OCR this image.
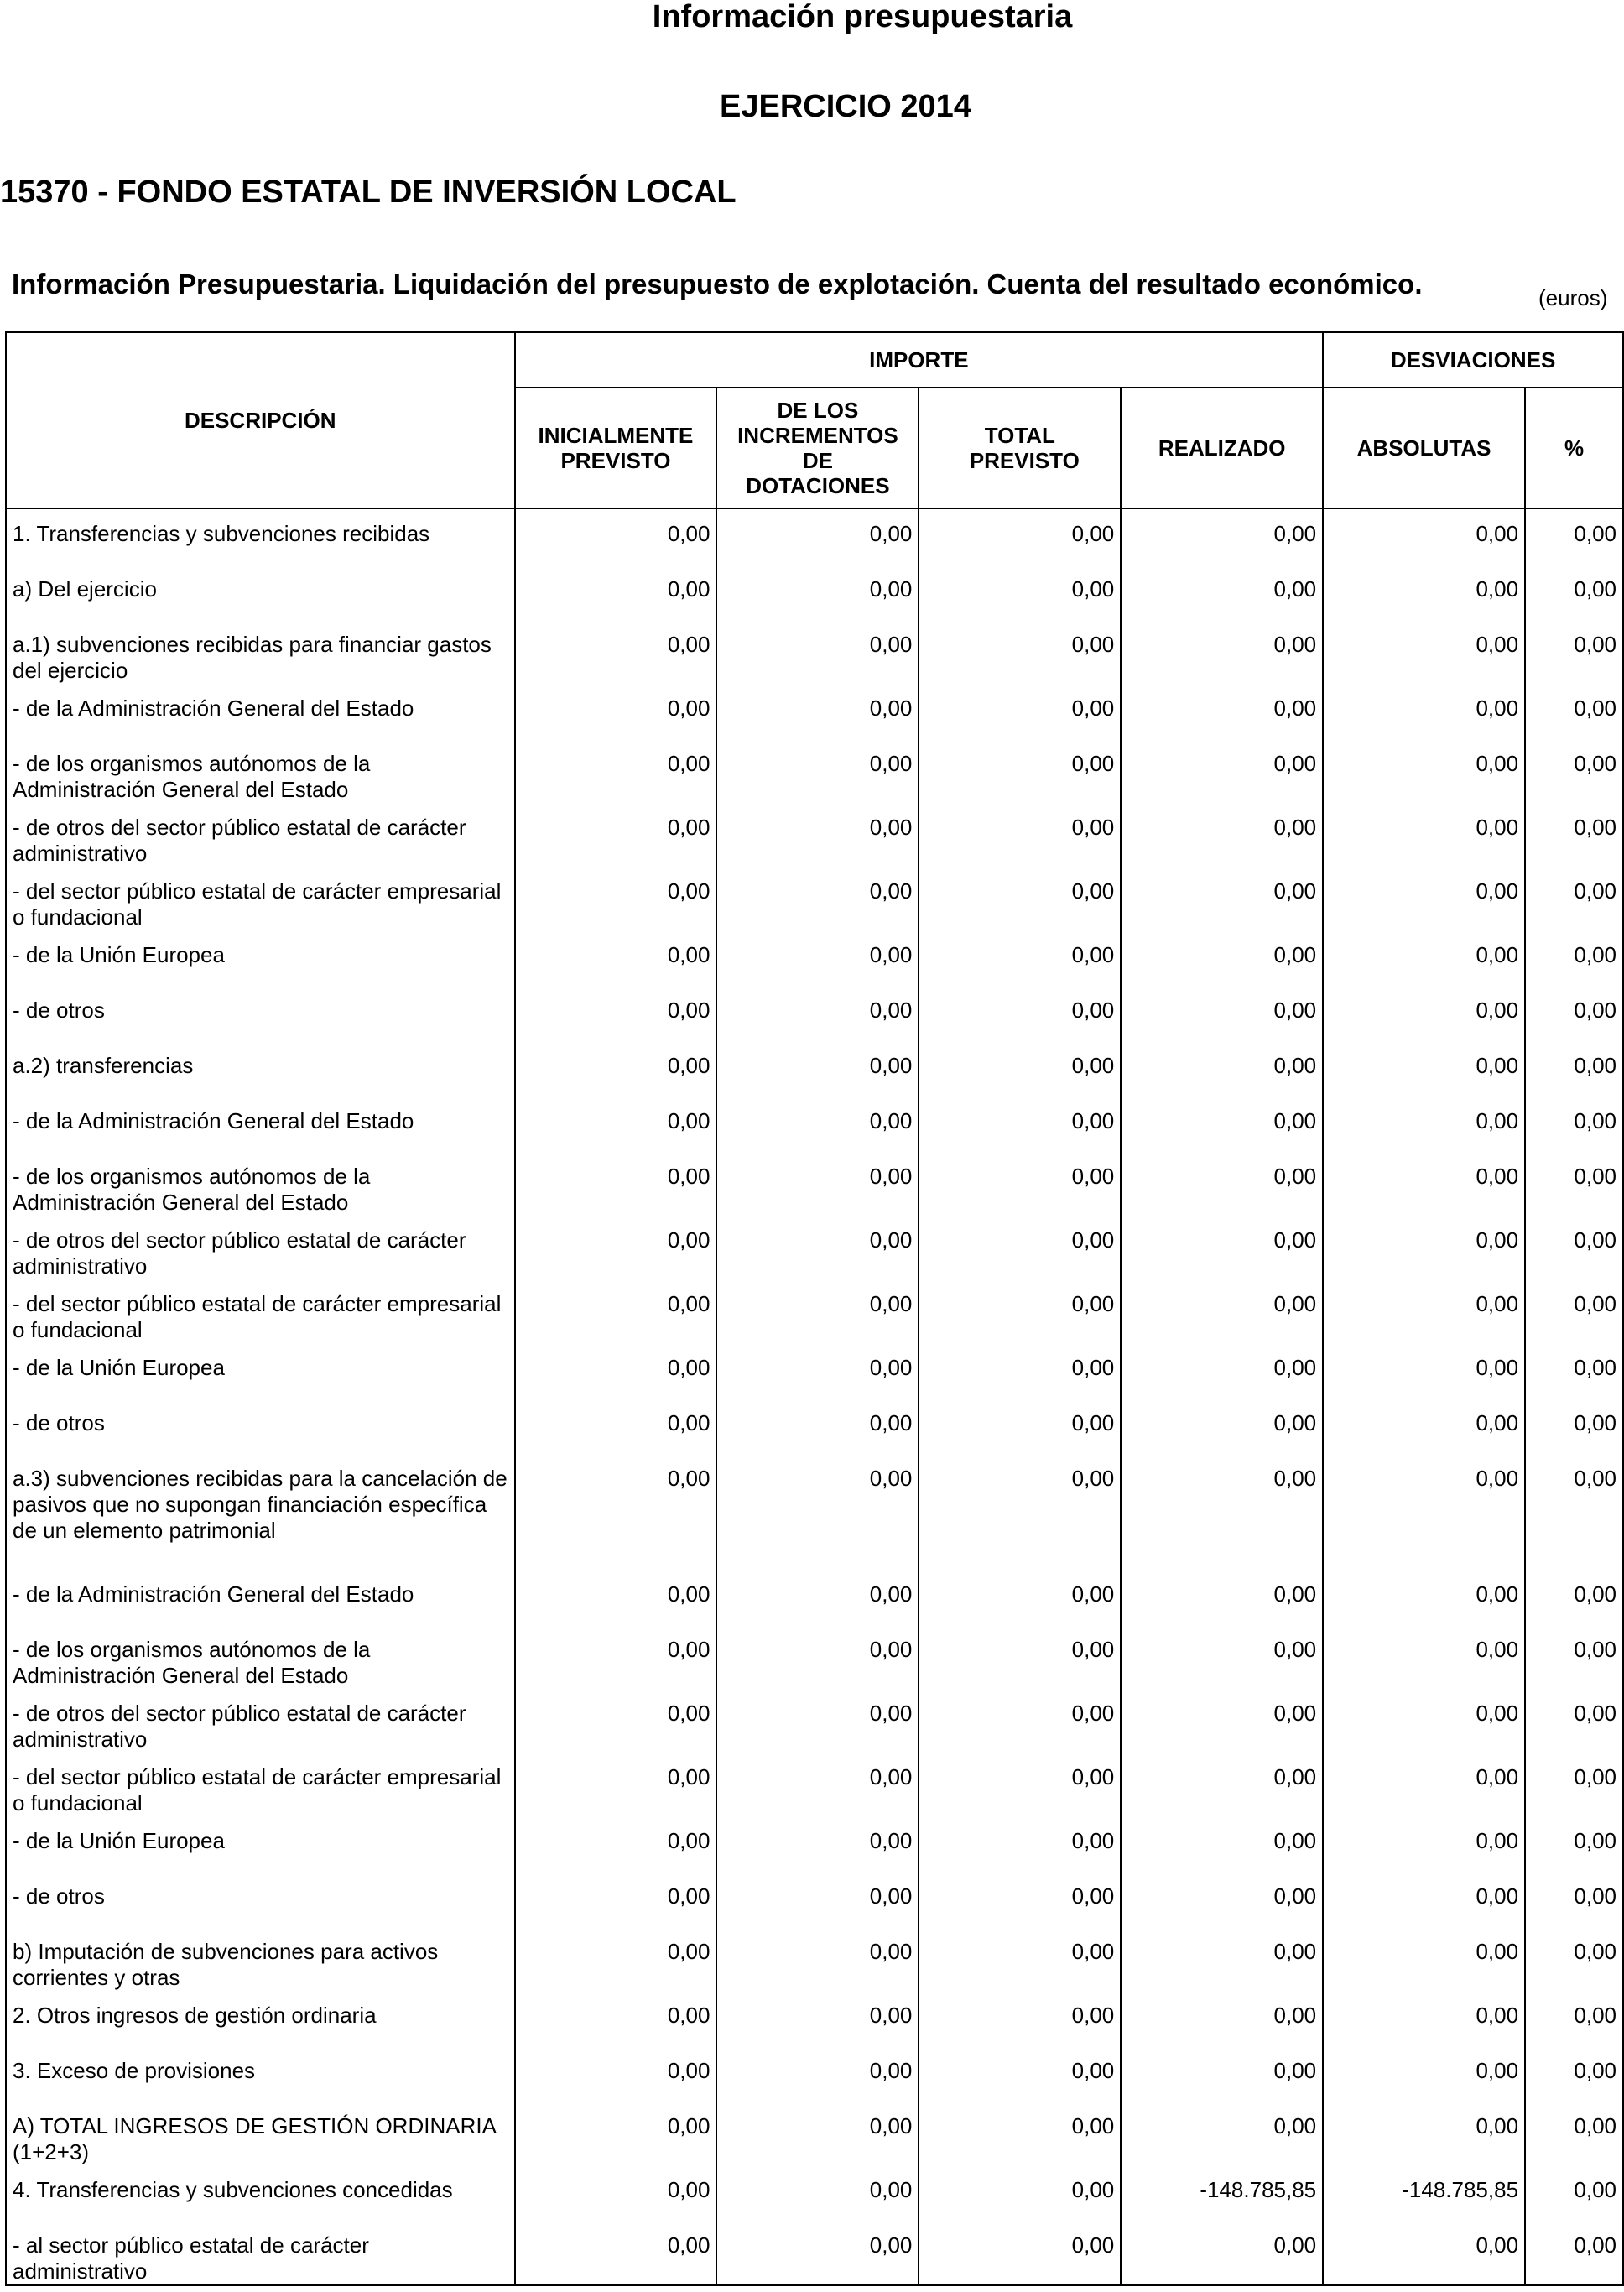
Información presupuestaria
EJERCICIO 2014
15370 - FONDO ESTATAL DE INVERSIÓN LOCAL
Información Presupuestaria. Liquidación del presupuesto de explotación. Cuenta del resultado económico.	(euros)
DESCRIPCIÓN	IMPORTE				DESVIACIONES	

	INICIALMENTE PREVISTO	DE LOS INCREMENTOS DE DOTACIONES	TOTAL PREVISTO	REALIZADO	ABSOLUTAS	%
1. Transferencias y subvenciones recibidas	0,00	0,00	0,00	0,00	0,00	0,00
a) Del ejercicio	0,00	0,00	0,00	0,00	0,00	0,00
a.1) subvenciones recibidas para financiar gastos del ejercicio	0,00	0,00	0,00	0,00	0,00	0,00
- de la Administración General del Estado	0,00	0,00	0,00	0,00	0,00	0,00
- de los organismos autónomos de la Administración General del Estado	0,00	0,00	0,00	0,00	0,00	0,00
- de otros del sector público estatal de carácter administrativo	0,00	0,00	0,00	0,00	0,00	0,00
- del sector público estatal de carácter empresarial o fundacional	0,00	0,00	0,00	0,00	0,00	0,00
- de la Unión Europea	0,00	0,00	0,00	0,00	0,00	0,00
- de otros	0,00	0,00	0,00	0,00	0,00	0,00
a.2) transferencias	0,00	0,00	0,00	0,00	0,00	0,00
- de la Administración General del Estado	0,00	0,00	0,00	0,00	0,00	0,00
- de los organismos autónomos de la Administración General del Estado	0,00	0,00	0,00	0,00	0,00	0,00
- de otros del sector público estatal de carácter administrativo	0,00	0,00	0,00	0,00	0,00	0,00
- del sector público estatal de carácter empresarial o fundacional	0,00	0,00	0,00	0,00	0,00	0,00
- de la Unión Europea	0,00	0,00	0,00	0,00	0,00	0,00
- de otros	0,00	0,00	0,00	0,00	0,00	0,00
a.3) subvenciones recibidas para la cancelación de pasivos que no supongan financiación específica de un elemento patrimonial	0,00	0,00	0,00	0,00	0,00	0,00
- de la Administración General del Estado	0,00	0,00	0,00	0,00	0,00	0,00
- de los organismos autónomos de la Administración General del Estado	0,00	0,00	0,00	0,00	0,00	0,00
- de otros del sector público estatal de carácter administrativo	0,00	0,00	0,00	0,00	0,00	0,00
- del sector público estatal de carácter empresarial o fundacional	0,00	0,00	0,00	0,00	0,00	0,00
- de la Unión Europea	0,00	0,00	0,00	0,00	0,00	0,00
- de otros	0,00	0,00	0,00	0,00	0,00	0,00
b) Imputación de subvenciones para activos corrientes y otras	0,00	0,00	0,00	0,00	0,00	0,00
2. Otros ingresos de gestión ordinaria	0,00	0,00	0,00	0,00	0,00	0,00
3. Exceso de provisiones	0,00	0,00	0,00	0,00	0,00	0,00
A) TOTAL INGRESOS DE GESTIÓN ORDINARIA (1+2+3)	0,00	0,00	0,00	0,00	0,00	0,00
4. Transferencias y subvenciones concedidas	0,00	0,00	0,00	-148.785,85	-148.785,85	0,00
- al sector público estatal de carácter administrativo	0,00	0,00	0,00	0,00	0,00	0,00
